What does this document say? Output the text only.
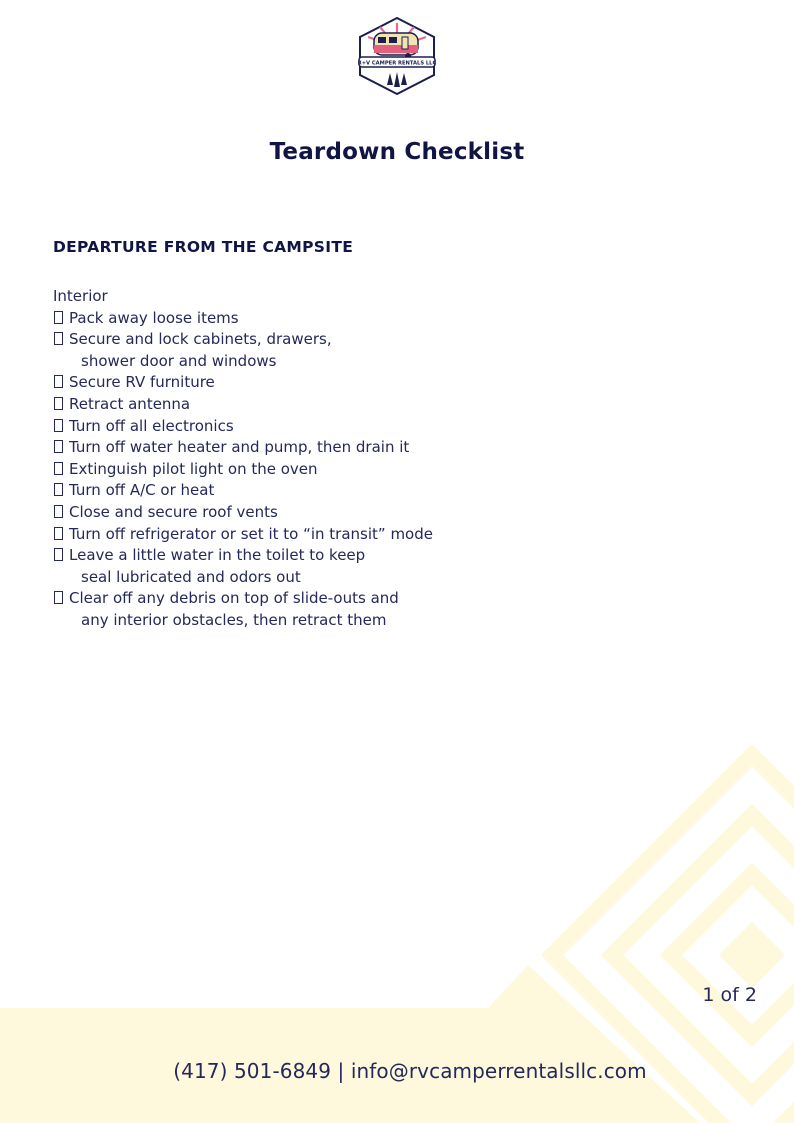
R+V CAMPER RENTALS LLC
Teardown Checklist
DEPARTURE FROM THE CAMPSITE
Interior
Pack away loose items
Secure and lock cabinets, drawers,
shower door and windows
Secure RV furniture
Retract antenna
Turn off all electronics
Turn off water heater and pump, then drain it
Extinguish pilot light on the oven
Turn off A/C or heat
Close and secure roof vents
Turn off refrigerator or set it to “in transit” mode
Leave a little water in the toilet to keep
seal lubricated and odors out
Clear off any debris on top of slide-outs and
any interior obstacles, then retract them
1 of 2
(417) 501-6849 | info@rvcamperrentalsllc.com
